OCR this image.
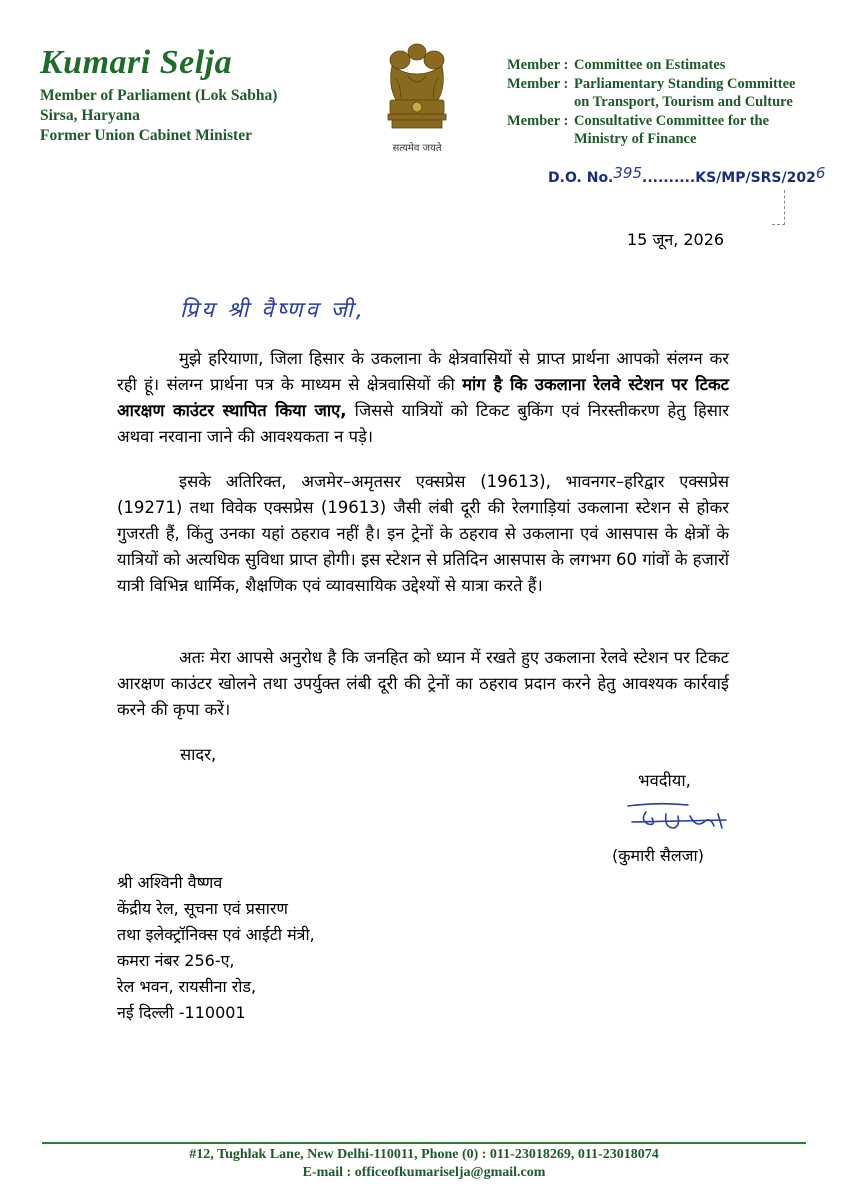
Kumari Selja
Member of Parliament (Lok Sabha)
Sirsa, Haryana
Former Union Cabinet Minister
सत्यमेव जयते
Member : Committee on Estimates
Member : Parliamentary Standing Committee
on Transport, Tourism and Culture
Member : Consultative Committee for the
Ministry of Finance
D.O. No.395..........KS/MP/SRS/2026
15 जून, 2026
प्रिय श्री वैष्णव जी,
मुझे हरियाणा, जिला हिसार के उकलाना के क्षेत्रवासियों से प्राप्त प्रार्थना आपको संलग्न कर रही हूं। संलग्न प्रार्थना पत्र के माध्यम से क्षेत्रवासियों की मांग है कि उकलाना रेलवे स्टेशन पर टिकट आरक्षण काउंटर स्थापित किया जाए, जिससे यात्रियों को टिकट बुकिंग एवं निरस्तीकरण हेतु हिसार अथवा नरवाना जाने की आवश्यकता न पड़े।
इसके अतिरिक्त, अजमेर–अमृतसर एक्सप्रेस (19613), भावनगर–हरिद्वार एक्सप्रेस (19271) तथा विवेक एक्सप्रेस (19613) जैसी लंबी दूरी की रेलगाड़ियां उकलाना स्टेशन से होकर गुजरती हैं, किंतु उनका यहां ठहराव नहीं है। इन ट्रेनों के ठहराव से उकलाना एवं आसपास के क्षेत्रों के यात्रियों को अत्यधिक सुविधा प्राप्त होगी। इस स्टेशन से प्रतिदिन आसपास के लगभग 60 गांवों के हजारों यात्री विभिन्न धार्मिक, शैक्षणिक एवं व्यावसायिक उद्देश्यों से यात्रा करते हैं।
अतः मेरा आपसे अनुरोध है कि जनहित को ध्यान में रखते हुए उकलाना रेलवे स्टेशन पर टिकट आरक्षण काउंटर खोलने तथा उपर्युक्त लंबी दूरी की ट्रेनों का ठहराव प्रदान करने हेतु आवश्यक कार्रवाई करने की कृपा करें।
सादर,
भवदीया,
(कुमारी सैलजा)
श्री अश्विनी वैष्णव
केंद्रीय रेल, सूचना एवं प्रसारण
तथा इलेक्ट्रॉनिक्स एवं आईटी मंत्री,
कमरा नंबर 256-ए,
रेल भवन, रायसीना रोड,
नई दिल्ली -110001
#12, Tughlak Lane, New Delhi-110011, Phone (0) : 011-23018269, 011-23018074
E-mail : officeofkumariselja@gmail.com
